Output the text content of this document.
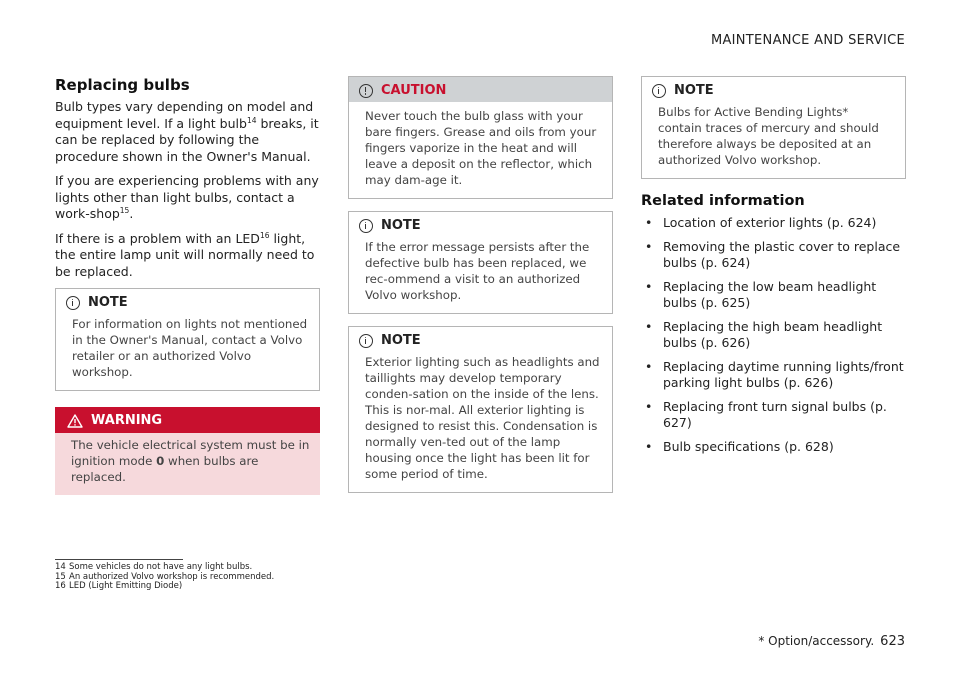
MAINTENANCE AND SERVICE
Replacing bulbs

Bulb types vary depending on model and equipment level. If a light bulb$^{14}$ breaks, it can be replaced by following the procedure shown in the Owner's Manual.

If you are experiencing problems with any lights other than light bulbs, contact a work-shop$^{15}$.

If there is a problem with an LED$^{16}$ light, the entire lamp unit will normally need to be replaced.

NOTE
For information on lights not mentioned in the Owner's Manual, contact a Volvo retailer or an authorized Volvo workshop.
WARNING
The vehicle electrical system must be in ignition mode 0 when bulbs are replaced.
CAUTION
Never touch the bulb glass with your bare fingers. Grease and oils from your fingers vaporize in the heat and will leave a deposit on the reflector, which may dam-age it.
NOTE
If the error message persists after the defective bulb has been replaced, we rec-ommend a visit to an authorized Volvo workshop.
NOTE
Exterior lighting such as headlights and taillights may develop temporary conden-sation on the inside of the lens. This is nor-mal. All exterior lighting is designed to resist this. Condensation is normally ven-ted out of the lamp housing once the light has been lit for some period of time.
NOTE
Bulbs for Active Bending Lights* contain traces of mercury and should therefore always be deposited at an authorized Volvo workshop.
Related information
• Location of exterior lights (p. 624)
• Removing the plastic cover to replace bulbs (p. 624)
• Replacing the low beam headlight bulbs (p. 625)
• Replacing the high beam headlight bulbs (p. 626)
• Replacing daytime running lights/front parking light bulbs (p. 626)
• Replacing front turn signal bulbs (p. 627)
• Bulb specifications (p. 628)
14 Some vehicles do not have any light bulbs.
15 An authorized Volvo workshop is recommended.
16 LED (Light Emitting Diode)
* Option/accessory. 623
